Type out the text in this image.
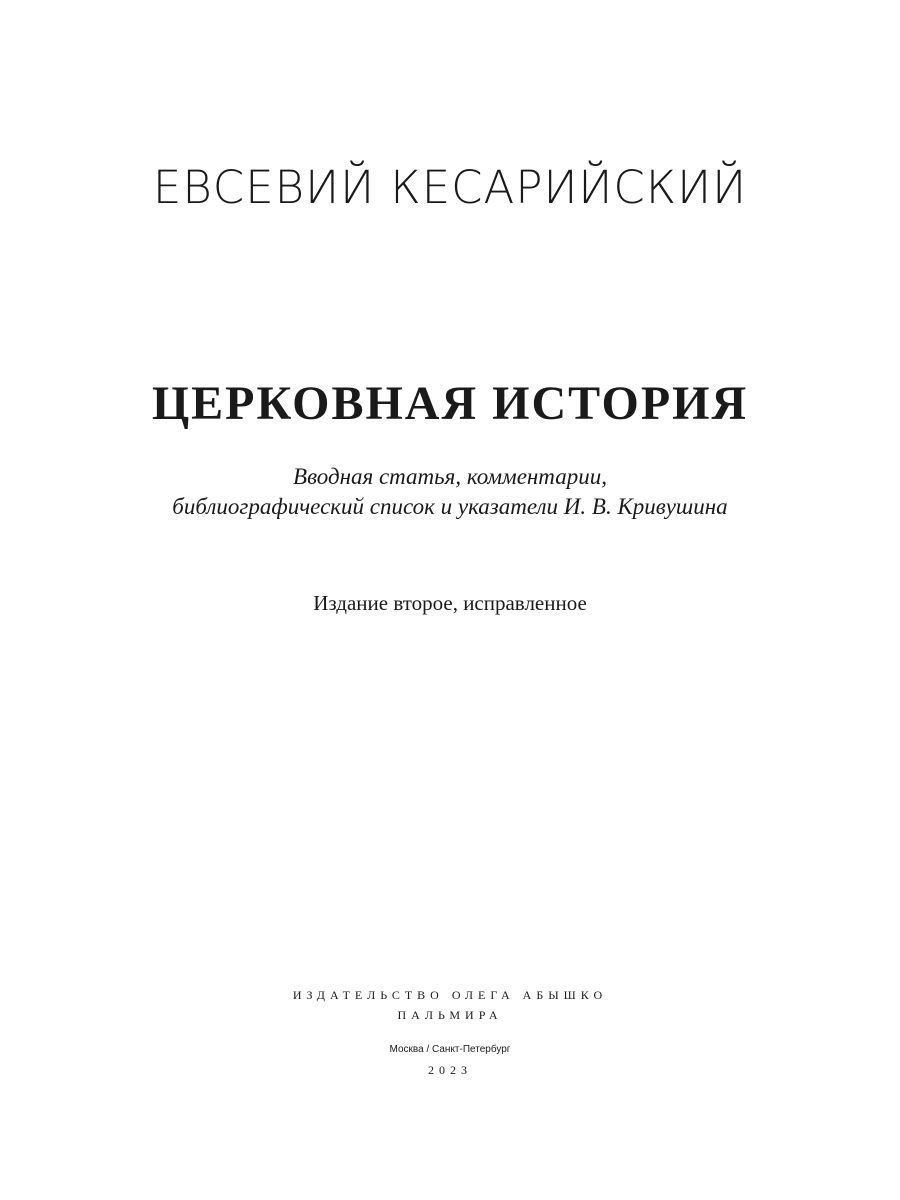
ЕВСЕВИЙ КЕСАРИЙСКИЙ
ЦЕРКОВНАЯ ИСТОРИЯ
Вводная статья, комментарии,
библиографический список и указатели И. В. Кривушина
Издание второе, исправленное
ИЗДАТЕЛЬСТВО ОЛЕГА АБЫШКО
ПАЛЬМИРА
Москва / Санкт-Петербург
2023
